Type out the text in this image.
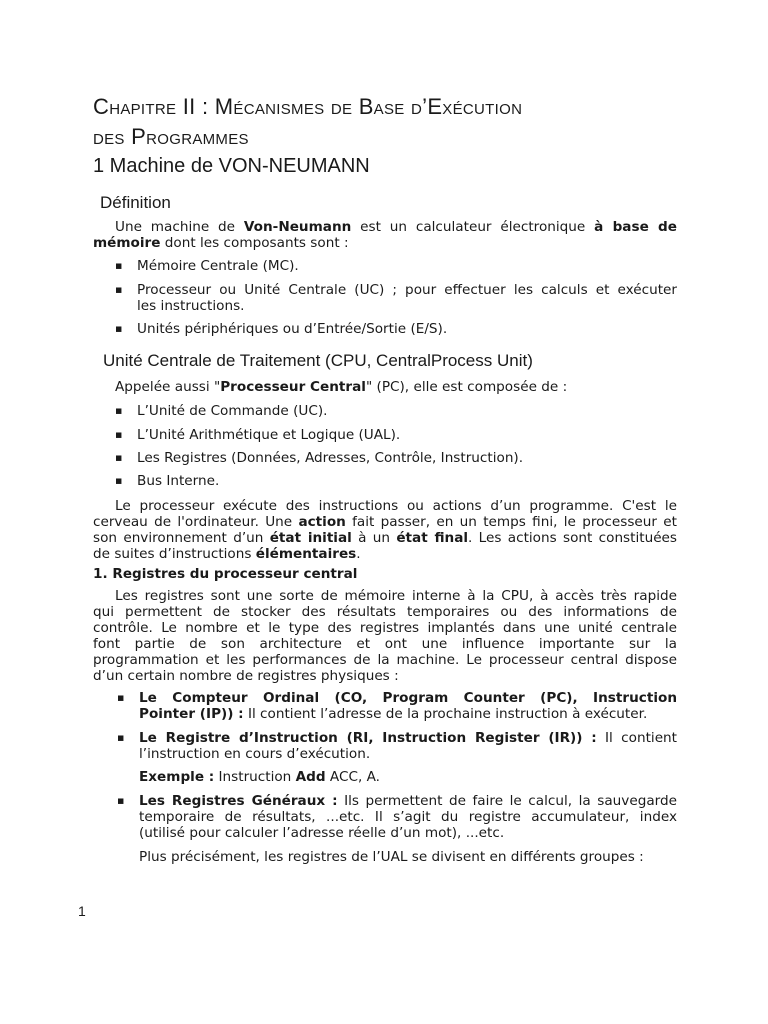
Chapitre II : Mécanismes de Base d’Exécution
des Programmes
1 Machine de VON-NEUMANN
Définition

Une machine de Von-Neumann est un calculateur électronique à base de
mémoire dont les composants sont :

▪ Mémoire Centrale (MC).
▪ Processeur ou Unité Centrale (UC) ; pour effectuer les calculs et exécuter
les instructions.
▪ Unités périphériques ou d’Entrée/Sortie (E/S).
Unité Centrale de Traitement (CPU, CentralProcess Unit)

Appelée aussi "Processeur Central" (PC), elle est composée de :

▪ L’Unité de Commande (UC).
▪ L’Unité Arithmétique et Logique (UAL).
▪ Les Registres (Données, Adresses, Contrôle, Instruction).
▪ Bus Interne.

Le processeur exécute des instructions ou actions d’un programme. C'est le
cerveau de l'ordinateur. Une action fait passer, en un temps fini, le processeur et
son environnement d’un état initial à un état final. Les actions sont constituées
de suites d’instructions élémentaires.

1. Registres du processeur central

Les registres sont une sorte de mémoire interne à la CPU, à accès très rapide
qui permettent de stocker des résultats temporaires ou des informations de
contrôle. Le nombre et le type des registres implantés dans une unité centrale
font partie de son architecture et ont une influence importante sur la
programmation et les performances de la machine. Le processeur central dispose
d’un certain nombre de registres physiques :

▪ Le Compteur Ordinal (CO, Program Counter (PC), Instruction
Pointer (IP)) : Il contient l’adresse de la prochaine instruction à exécuter.
▪ Le Registre d’Instruction (RI, Instruction Register (IR)) : Il contient
l’instruction en cours d’exécution.

Exemple : Instruction Add ACC, A.

▪ Les Registres Généraux : Ils permettent de faire le calcul, la sauvegarde
temporaire de résultats, ...etc. Il s’agit du registre accumulateur, index
(utilisé pour calculer l’adresse réelle d’un mot), ...etc.

Plus précisément, les registres de l’UAL se divisent en différents groupes :

1
